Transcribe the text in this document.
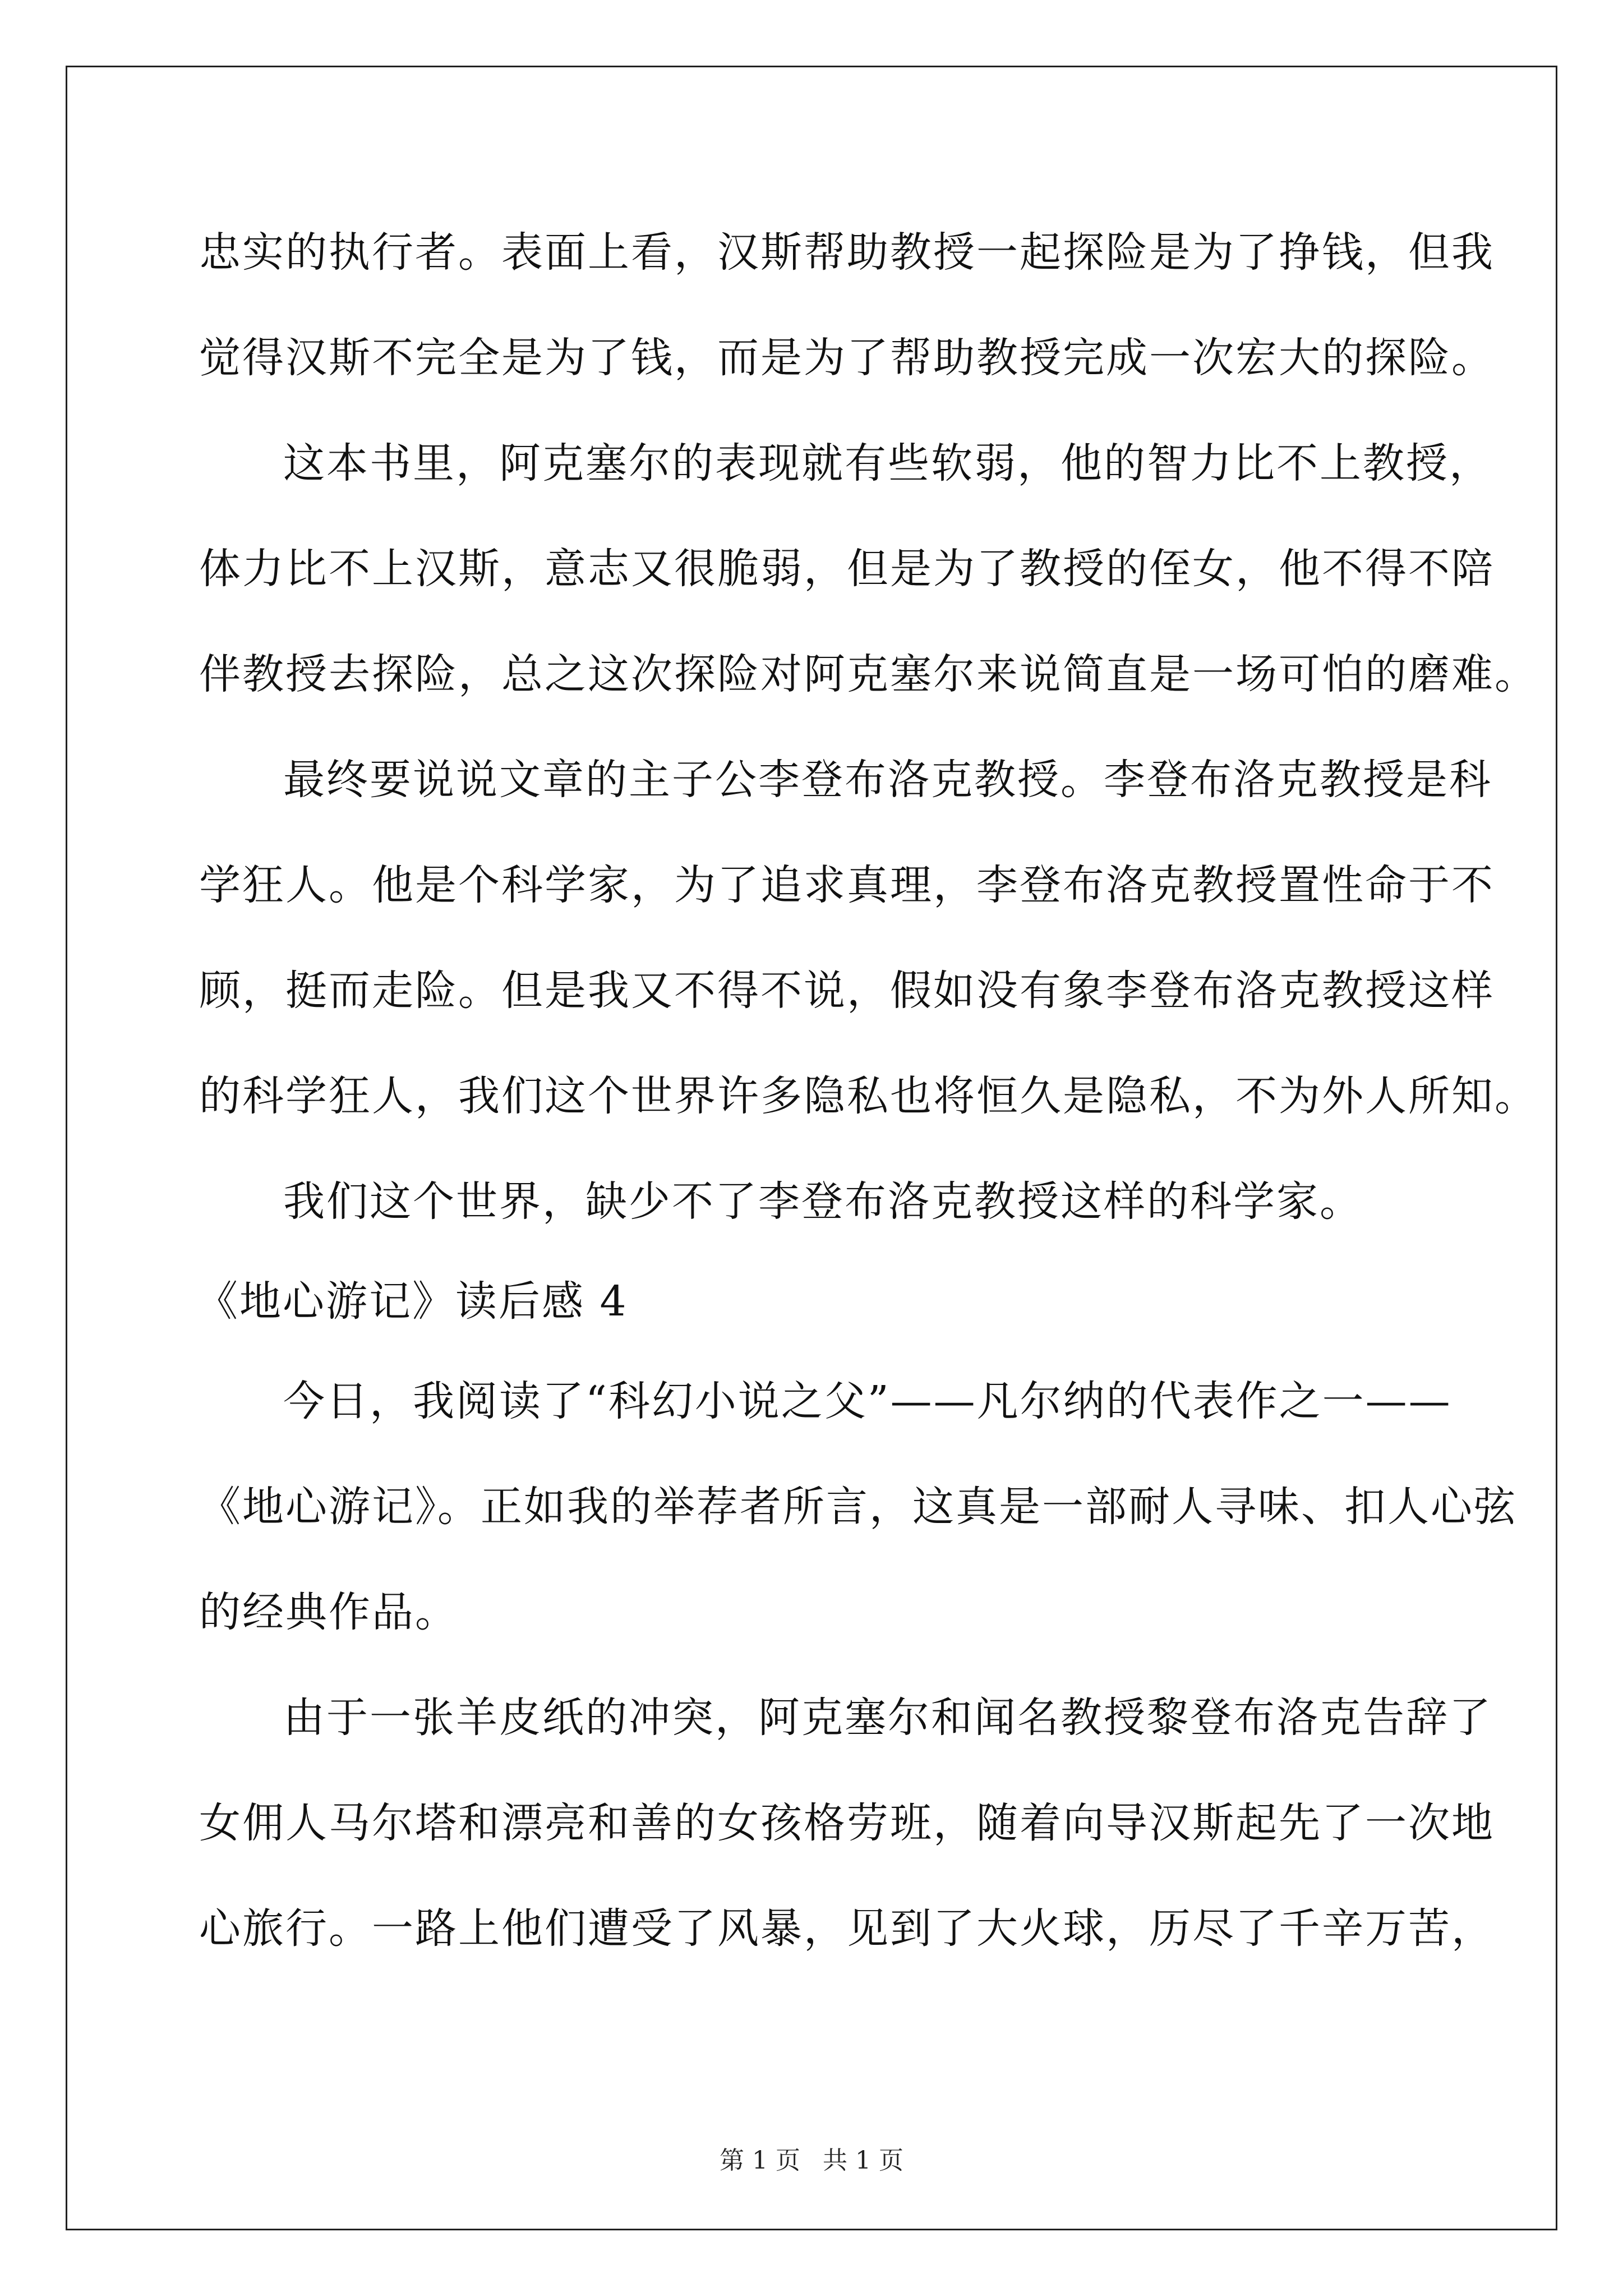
忠实的执行者。表面上看，汉斯帮助教授一起探险是为了挣钱，但我
觉得汉斯不完全是为了钱，而是为了帮助教授完成一次宏大的探险。
这本书里，阿克塞尔的表现就有些软弱，他的智力比不上教授，
体力比不上汉斯，意志又很脆弱，但是为了教授的侄女，他不得不陪
伴教授去探险，总之这次探险对阿克塞尔来说简直是一场可怕的磨难。
最终要说说文章的主子公李登布洛克教授。李登布洛克教授是科
学狂人。他是个科学家，为了追求真理，李登布洛克教授置性命于不
顾，挺而走险。但是我又不得不说，假如没有象李登布洛克教授这样
的科学狂人，我们这个世界许多隐私也将恒久是隐私，不为外人所知。
我们这个世界，缺少不了李登布洛克教授这样的科学家。
《地心游记》读后感 4
今日，我阅读了“科幻小说之父”——凡尔纳的代表作之一——
《地心游记》。正如我的举荐者所言，这真是一部耐人寻味、扣人心弦
的经典作品。
由于一张羊皮纸的冲突，阿克塞尔和闻名教授黎登布洛克告辞了
女佣人马尔塔和漂亮和善的女孩格劳班，随着向导汉斯起先了一次地
心旅行。一路上他们遭受了风暴，见到了大火球，历尽了千辛万苦，
第 1 页 共 1 页
